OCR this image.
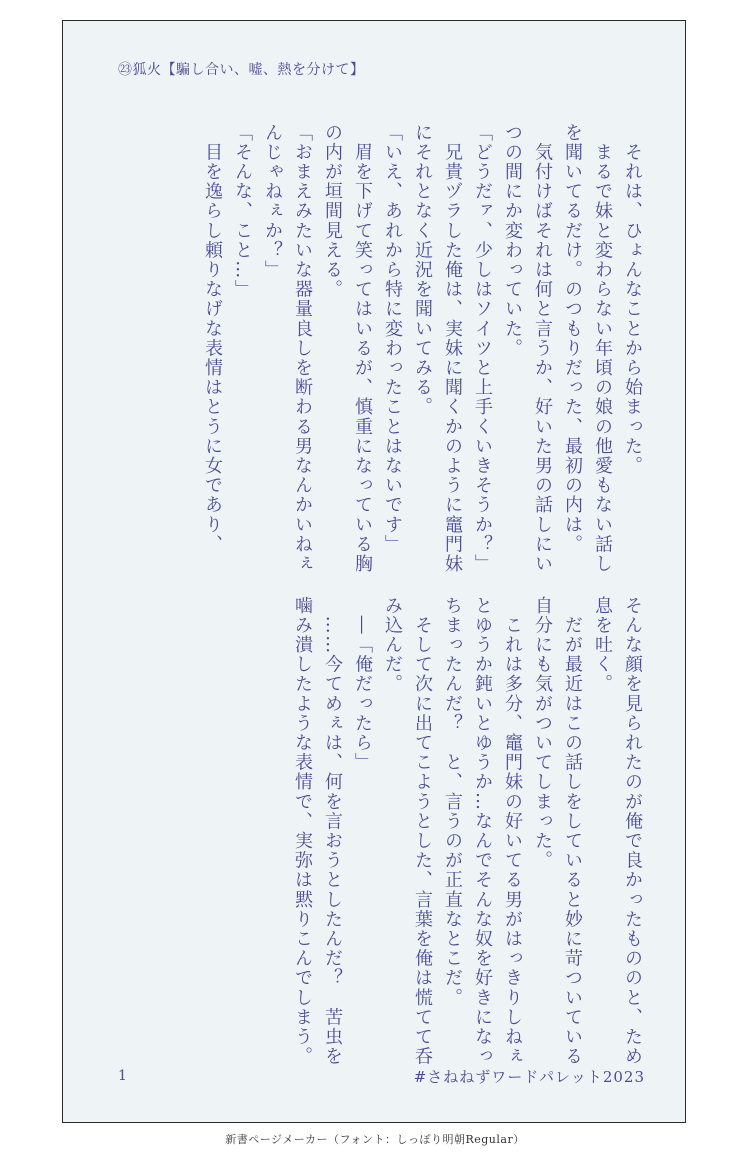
㉓狐火【騙し合い、嘘、熱を分けて】

　それは、ひょんなことから始まった。

　まるで妹と変わらない年頃の娘の他愛もない話しを聞いてるだけ。のつもりだった、最初の内は。

　気付けばそれは何と言うか、好いた男の話しにいつの間にか変わっていた。

「どうだァ、少しはソイツと上手くいきそうか？」

　兄貴ヅラした俺は、実妹に聞くかのように竈門妹にそれとなく近況を聞いてみる。

「いえ、あれから特に変わったことはないです」

　眉を下げて笑ってはいるが、慎重になっている胸の内が垣間見える。

「おまえみたいな器量良しを断わる男なんかいねぇんじゃねぇか？」

「そんな、こと…」

　目を逸らし頼りなげな表情はとうに女であり、

そんな顔を見られたのが俺で良かったもののと、ため息を吐く。

　だが最近はこの話しをしていると妙に苛ついている自分にも気がついてしまった。

　これは多分、竈門妹の好いてる男がはっきりしねぇとゆうか鈍いとゆうか…なんでそんな奴を好きになっちまったんだ？　と、言うのが正直なとこだ。

　そして次に出てこようとした、言葉を俺は慌てて呑み込んだ。

　―「俺だったら」

　……今てめぇは、何を言おうとしたんだ？　苦虫を噛み潰したような表情で、実弥は黙りこんでしまう。

1	#さねねずワードパレット2023
新書ページメーカー（フォント：しっぽり明朝Regular）
